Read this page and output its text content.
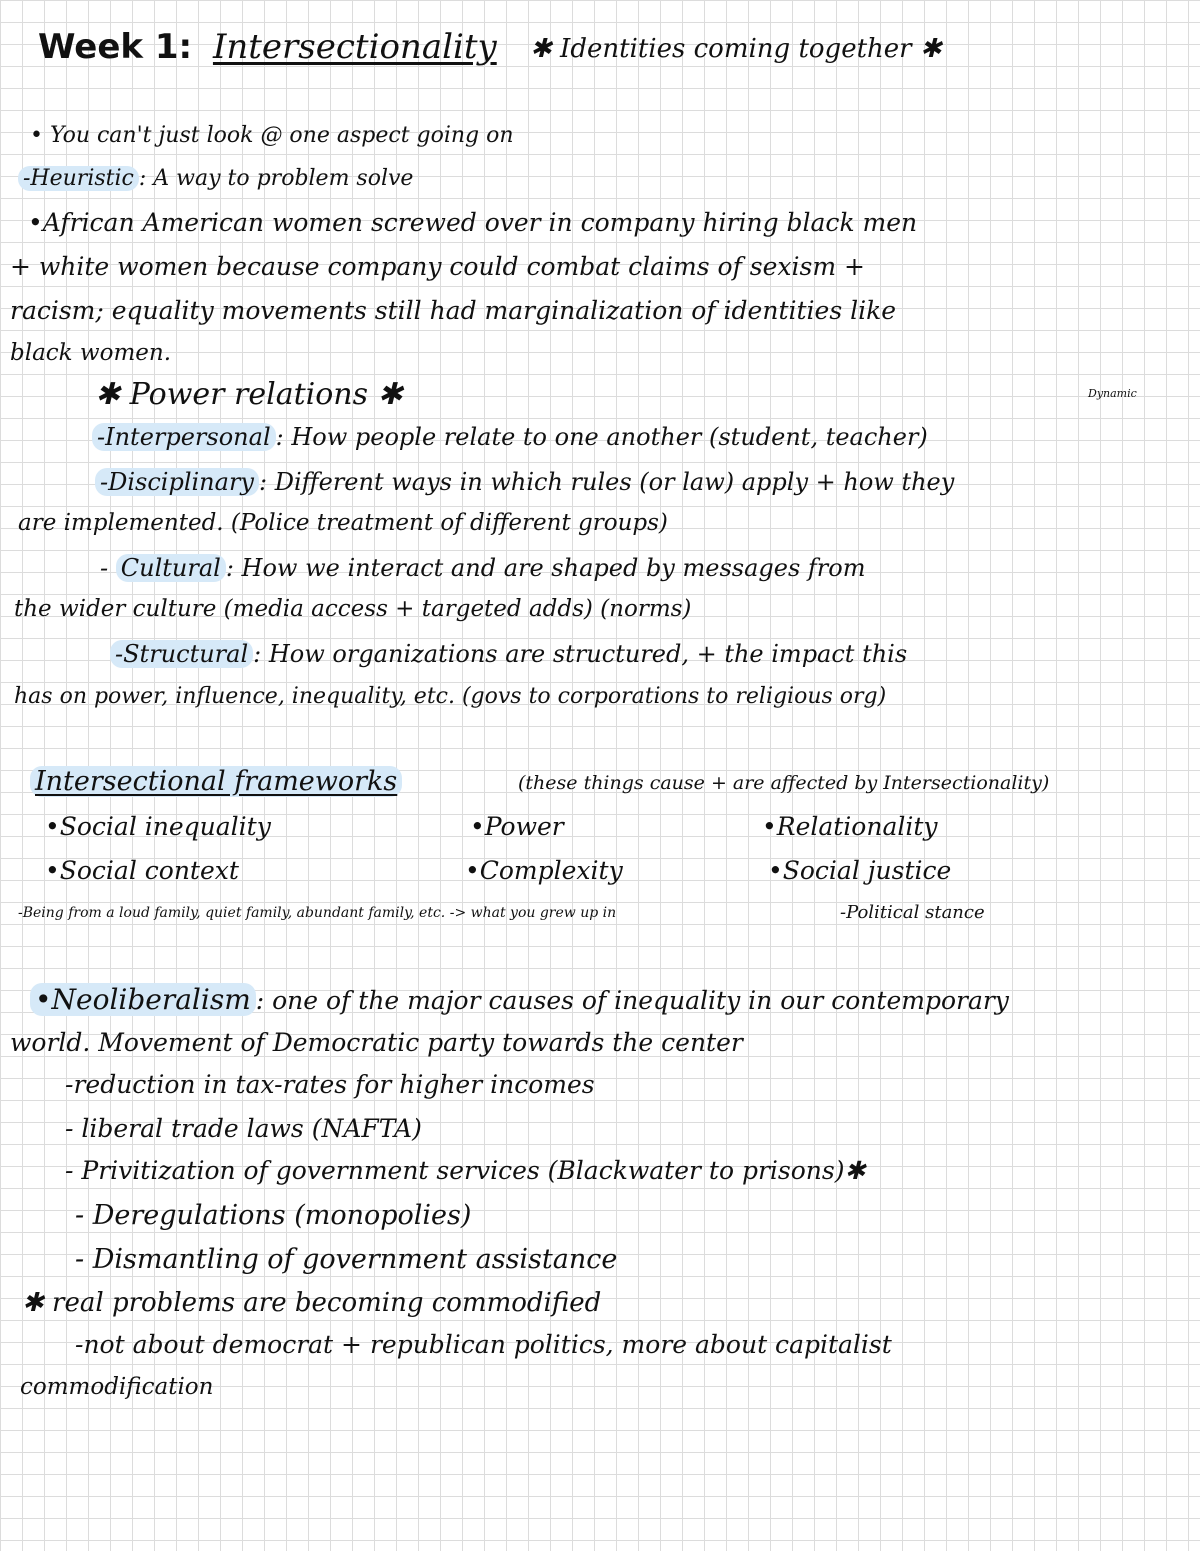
Week 1: Intersectionality ✱ Identities coming together ✱
• You can't just look @ one aspect going on
-Heuristic : A way to problem solve
•African American women screwed over in company hiring black men
+ white women because company could combat claims of sexism +
racism; equality movements still had marginalization of identities like
black women.
✱ Power relations ✱	Dynamic
-Interpersonal : How people relate to one another (student, teacher)
-Disciplinary : Different ways in which rules (or law) apply + how they
are implemented. (Police treatment of different groups)
- Cultural : How we interact and are shaped by messages from
the wider culture (media access + targeted adds) (norms)
-Structural : How organizations are structured, + the impact this
has on power, influence, inequality, etc. (govs to corporations to religious org)
Intersectional frameworks	(these things cause + are affected by Intersectionality)
•Social inequality	•Power	•Relationality
•Social context	•Complexity	•Social justice
-Being from a loud family, quiet family, abundant family, etc. -> what you grew up in	-Political stance
•Neoliberalism : one of the major causes of inequality in our contemporary
world. Movement of Democratic party towards the center
-reduction in tax-rates for higher incomes
- liberal trade laws (NAFTA)
- Privitization of government services (Blackwater to prisons)✱
- Deregulations (monopolies)
- Dismantling of government assistance
✱ real problems are becoming commodified
-not about democrat + republican politics, more about capitalist
commodification
